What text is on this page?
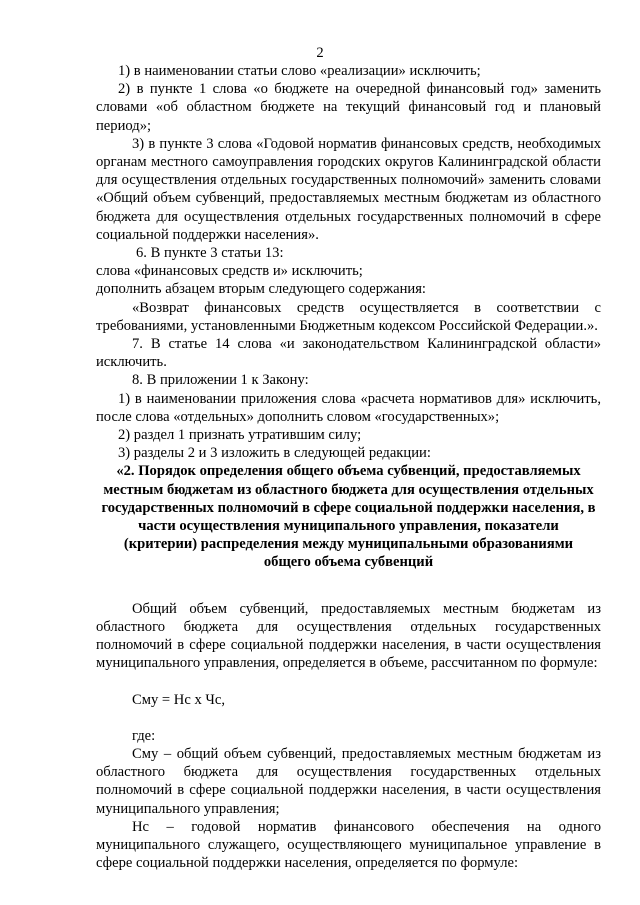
2

1) в наименовании статьи слово «реализации» исключить;

2) в пункте 1 слова «о бюджете на очередной финансовый год» заменить словами «об областном бюджете на текущий финансовый год и плановый период»;

3) в пункте 3 слова «Годовой норматив финансовых средств, необходимых органам местного самоуправления городских округов Калининградской области для осуществления отдельных государственных полномочий» заменить словами «Общий объем субвенций, предоставляемых местным бюджетам из областного бюджета для осуществления отдельных государственных полномочий в сфере социальной поддержки населения».

6. В пункте 3 статьи 13:

слова «финансовых средств и» исключить;

дополнить абзацем вторым следующего содержания:

«Возврат финансовых средств осуществляется в соответствии с требованиями, установленными Бюджетным кодексом Российской Федерации.».

7. В статье 14 слова «и законодательством Калининградской области» исключить.

8. В приложении 1 к Закону:

1) в наименовании приложения слова «расчета нормативов для» исключить, после слова «отдельных» дополнить словом «государственных»;

2) раздел 1 признать утратившим силу;

3) разделы 2 и 3 изложить в следующей редакции:

«2. Порядок определения общего объема субвенций, предоставляемых местным бюджетам из областного бюджета для осуществления отдельных государственных полномочий в сфере социальной поддержки населения, в части осуществления муниципального управления, показатели (критерии) распределения между муниципальными образованиями общего объема субвенций

Общий объем субвенций, предоставляемых местным бюджетам из областного бюджета для осуществления отдельных государственных полномочий в сфере социальной поддержки населения, в части осуществления муниципального управления, определяется в объеме, рассчитанном по формуле:

Сму = Нс х Чс,

где:

Сму – общий объем субвенций, предоставляемых местным бюджетам из областного бюджета для осуществления государственных отдельных полномочий в сфере социальной поддержки населения, в части осуществления муниципального управления;

Нс – годовой норматив финансового обеспечения на одного муниципального служащего, осуществляющего муниципальное управление в сфере социальной поддержки населения, определяется по формуле:
